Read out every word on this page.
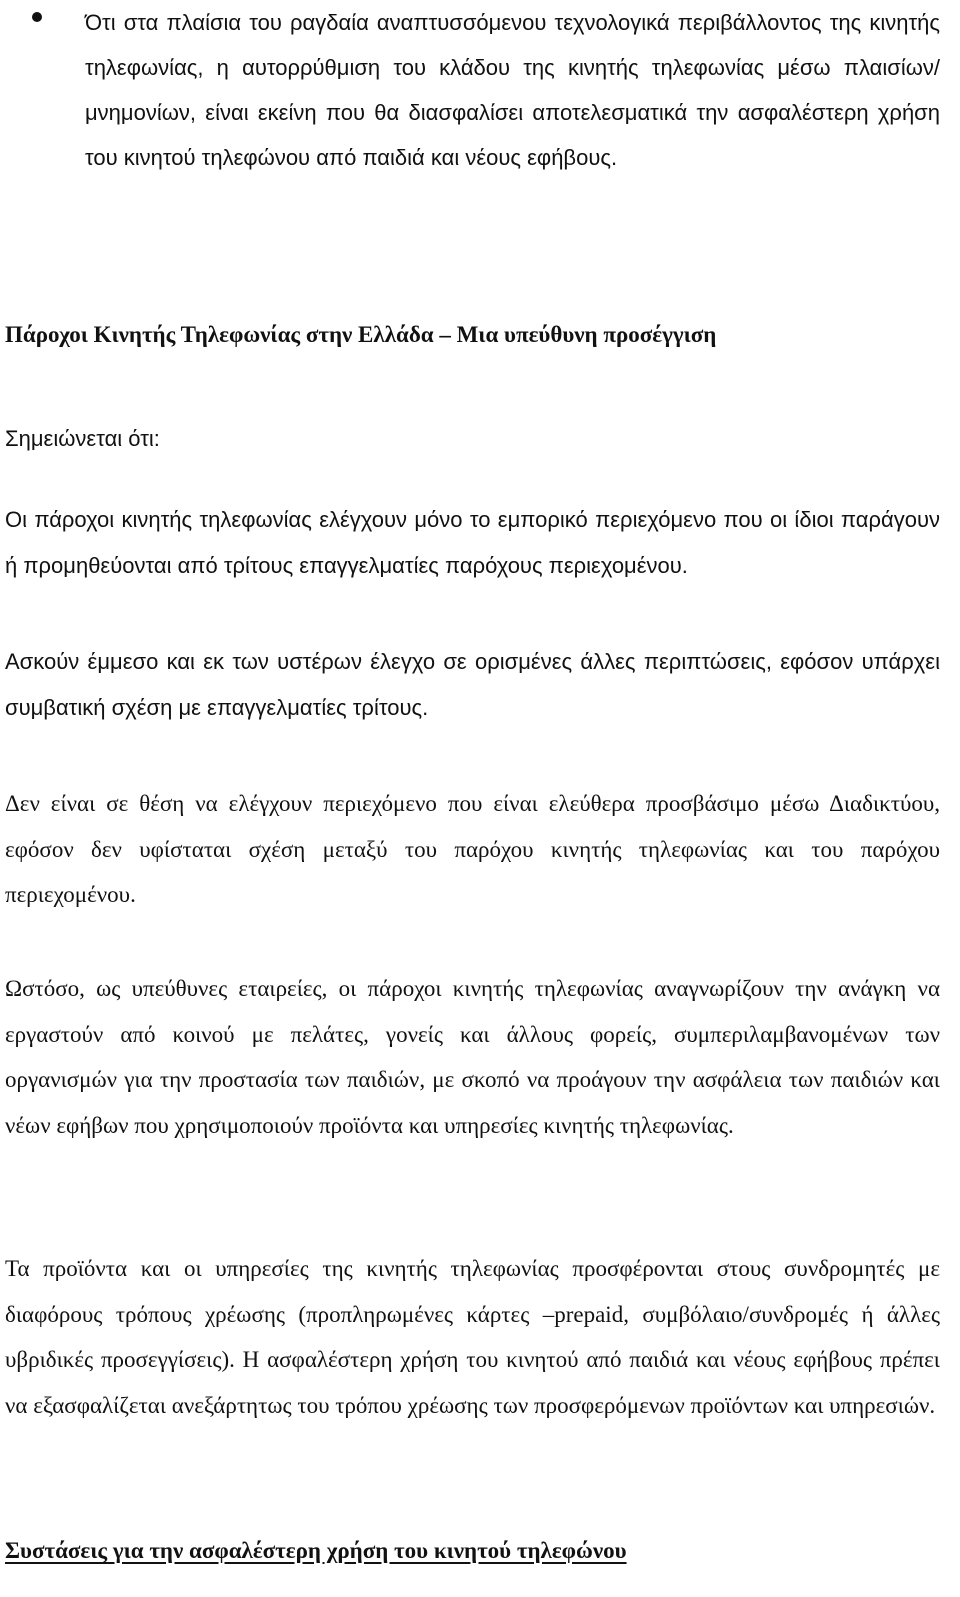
Ότι στα πλαίσια του ραγδαία αναπτυσσόμενου τεχνολογικά περιβάλλοντος της κινητής τηλεφωνίας, η αυτορρύθμιση του κλάδου της κινητής τηλεφωνίας μέσω πλαισίων/μνημονίων, είναι εκείνη που θα διασφαλίσει αποτελεσματικά την ασφαλέστερη χρήση του κινητού τηλεφώνου από παιδιά και νέους εφήβους.

Πάροχοι Κινητής Τηλεφωνίας στην Ελλάδα – Μια υπεύθυνη προσέγγιση

Σημειώνεται ότι:

Οι πάροχοι κινητής τηλεφωνίας ελέγχουν μόνο το εμπορικό περιεχόμενο που οι ίδιοι παράγουν ή προμηθεύονται από τρίτους επαγγελματίες παρόχους περιεχομένου.

Ασκούν έμμεσο και εκ των υστέρων έλεγχο σε ορισμένες άλλες περιπτώσεις, εφόσον υπάρχει συμβατική σχέση με επαγγελματίες τρίτους.

Δεν είναι σε θέση να ελέγχουν περιεχόμενο που είναι ελεύθερα προσβάσιμο μέσω Διαδικτύου, εφόσον δεν υφίσταται σχέση μεταξύ του παρόχου κινητής τηλεφωνίας και του παρόχου περιεχομένου.

Ωστόσο, ως υπεύθυνες εταιρείες, οι πάροχοι κινητής τηλεφωνίας αναγνωρίζουν την ανάγκη να εργαστούν από κοινού με πελάτες, γονείς και άλλους φορείς, συμπεριλαμβανομένων των οργανισμών για την προστασία των παιδιών, με σκοπό να προάγουν την ασφάλεια των παιδιών και νέων εφήβων που χρησιμοποιούν προϊόντα και υπηρεσίες κινητής τηλεφωνίας.

Τα προϊόντα και οι υπηρεσίες της κινητής τηλεφωνίας προσφέρονται στους συνδρομητές με διαφόρους τρόπους χρέωσης (προπληρωμένες κάρτες –prepaid, συμβόλαιο/συνδρομές ή άλλες υβριδικές προσεγγίσεις). Η ασφαλέστερη χρήση του κινητού από παιδιά και νέους εφήβους πρέπει να εξασφαλίζεται ανεξάρτητως του τρόπου χρέωσης των προσφερόμενων προϊόντων και υπηρεσιών.

Συστάσεις για την ασφαλέστερη χρήση του κινητού τηλεφώνου
